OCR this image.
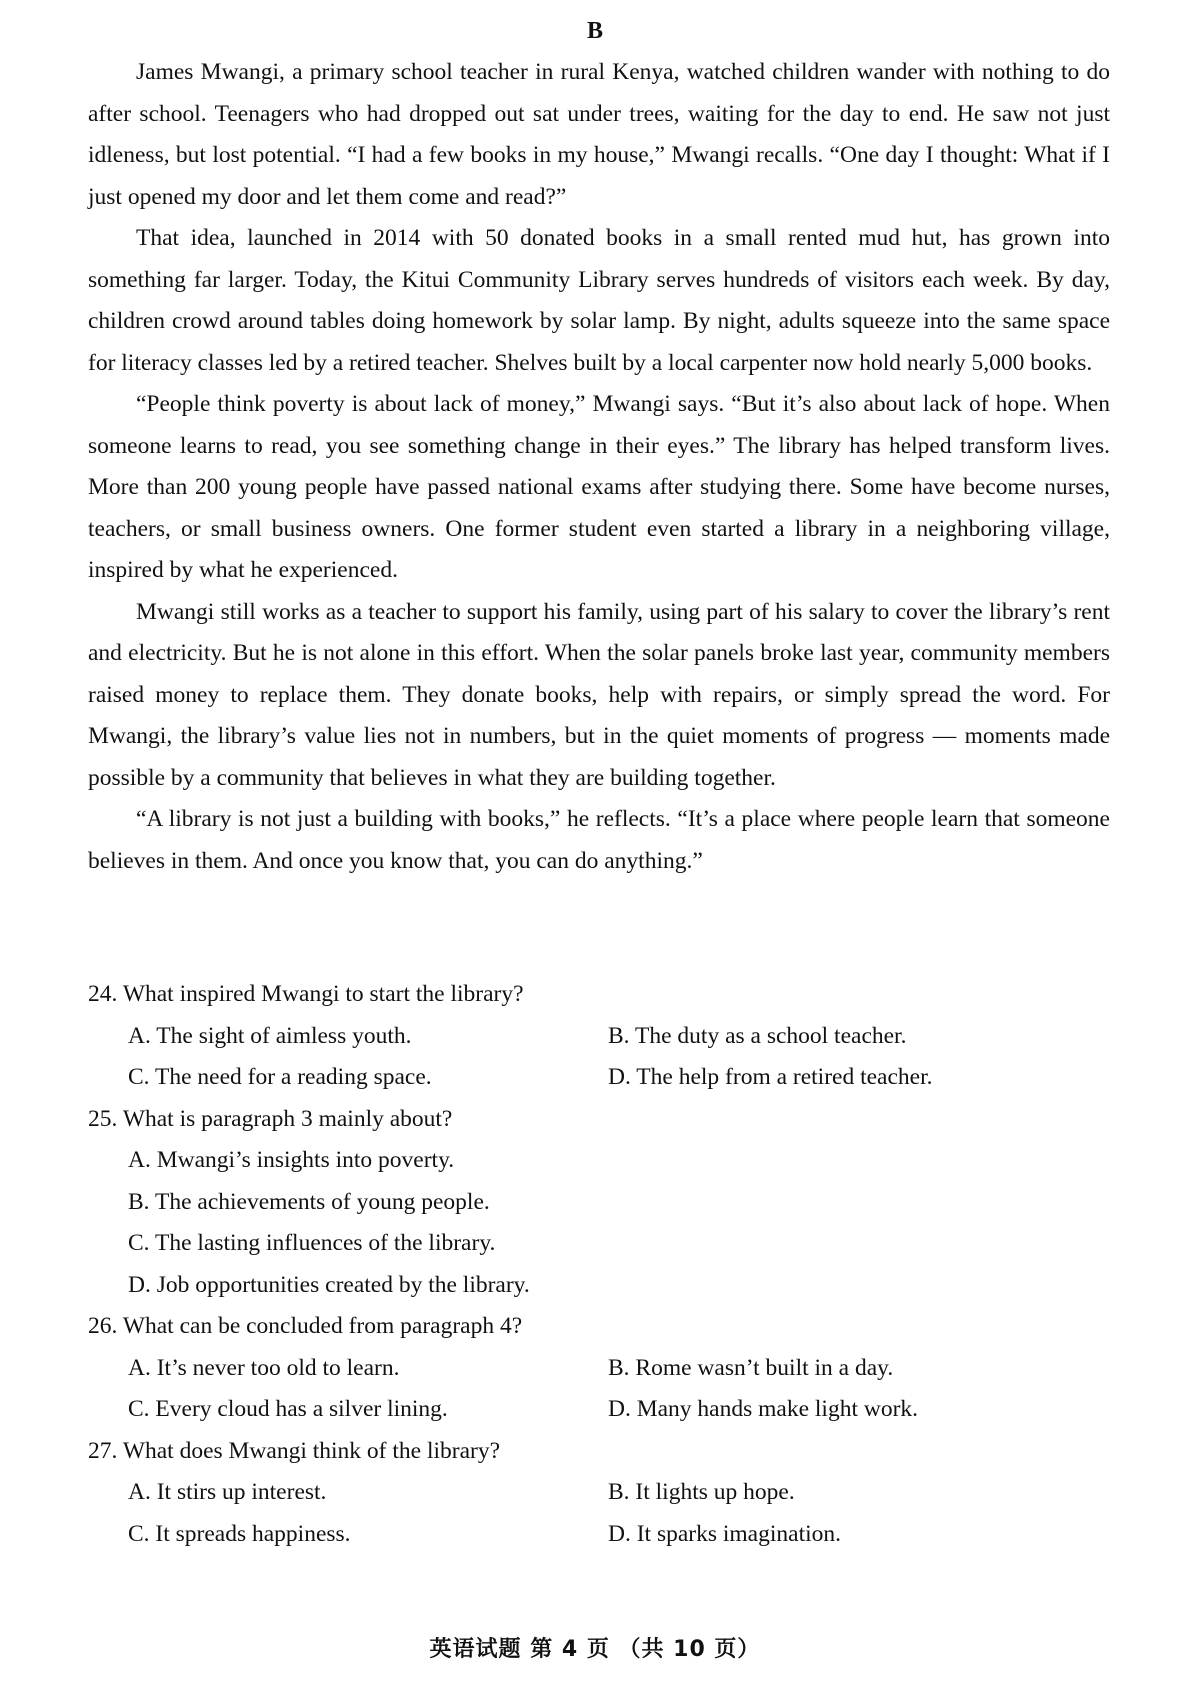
B

James Mwangi, a primary school teacher in rural Kenya, watched children wander with nothing to do after school. Teenagers who had dropped out sat under trees, waiting for the day to end. He saw not just idleness, but lost potential. “I had a few books in my house,” Mwangi recalls. “One day I thought: What if I just opened my door and let them come and read?”

That idea, launched in 2014 with 50 donated books in a small rented mud hut, has grown into something far larger. Today, the Kitui Community Library serves hundreds of visitors each week. By day, children crowd around tables doing homework by solar lamp. By night, adults squeeze into the same space for literacy classes led by a retired teacher. Shelves built by a local carpenter now hold nearly 5,000 books.

“People think poverty is about lack of money,” Mwangi says. “But it’s also about lack of hope. When someone learns to read, you see something change in their eyes.” The library has helped transform lives. More than 200 young people have passed national exams after studying there. Some have become nurses, teachers, or small business owners. One former student even started a library in a neighboring village, inspired by what he experienced.

Mwangi still works as a teacher to support his family, using part of his salary to cover the library’s rent and electricity. But he is not alone in this effort. When the solar panels broke last year, community members raised money to replace them. They donate books, help with repairs, or simply spread the word. For Mwangi, the library’s value lies not in numbers, but in the quiet moments of progress — moments made possible by a community that believes in what they are building together.

“A library is not just a building with books,” he reflects. “It’s a place where people learn that someone believes in them. And once you know that, you can do anything.”

24. What inspired Mwangi to start the library?
A. The sight of aimless youth.	B. The duty as a school teacher.
C. The need for a reading space.	D. The help from a retired teacher.
25. What is paragraph 3 mainly about?
A. Mwangi’s insights into poverty.
B. The achievements of young people.
C. The lasting influences of the library.
D. Job opportunities created by the library.
26. What can be concluded from paragraph 4?
A. It’s never too old to learn.	B. Rome wasn’t built in a day.
C. Every cloud has a silver lining.	D. Many hands make light work.
27. What does Mwangi think of the library?
A. It stirs up interest.	B. It lights up hope.
C. It spreads happiness.	D. It sparks imagination.
英语试题 第 4 页 （共 10 页）
